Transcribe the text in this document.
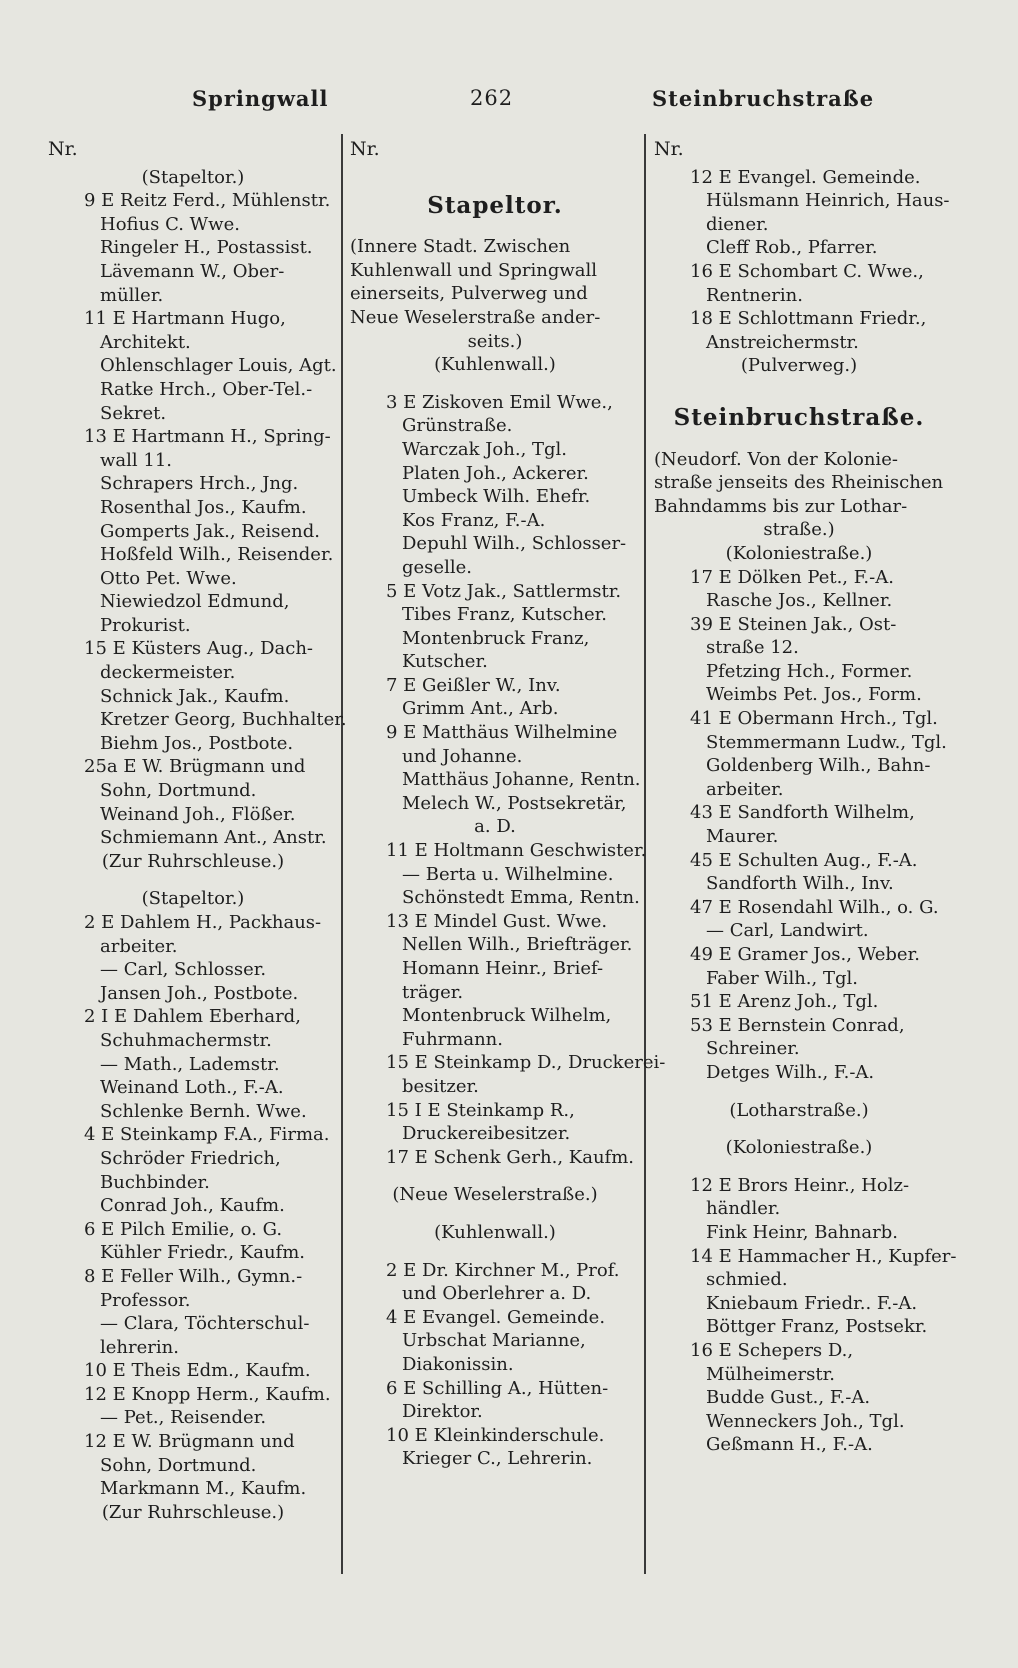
Springwall	262	Steinbruchstraße
Nr.
(Stapeltor.)
9 E Reitz Ferd., Mühlenstr.
Hofius C. Wwe.
Ringeler H., Postassist.
Lävemann W., Ober-
müller.
11 E Hartmann Hugo,
Architekt.
Ohlenschlager Louis, Agt.
Ratke Hrch., Ober-Tel.-
Sekret.
13 E Hartmann H., Spring-
wall 11.
Schrapers Hrch., Jng.
Rosenthal Jos., Kaufm.
Gomperts Jak., Reisend.
Hoßfeld Wilh., Reisender.
Otto Pet. Wwe.
Niewiedzol Edmund,
Prokurist.
15 E Küsters Aug., Dach-
deckermeister.
Schnick Jak., Kaufm.
Kretzer Georg, Buchhalter.
Biehm Jos., Postbote.
25a E W. Brügmann und
Sohn, Dortmund.
Weinand Joh., Flößer.
Schmiemann Ant., Anstr.
(Zur Ruhrschleuse.)
(Stapeltor.)
2 E Dahlem H., Packhaus-
arbeiter.
— Carl, Schlosser.
Jansen Joh., Postbote.
2 I E Dahlem Eberhard,
Schuhmachermstr.
— Math., Lademstr.
Weinand Loth., F.-A.
Schlenke Bernh. Wwe.
4 E Steinkamp F.A., Firma.
Schröder Friedrich,
Buchbinder.
Conrad Joh., Kaufm.
6 E Pilch Emilie, o. G.
Kühler Friedr., Kaufm.
8 E Feller Wilh., Gymn.-
Professor.
— Clara, Töchterschul-
lehrerin.
10 E Theis Edm., Kaufm.
12 E Knopp Herm., Kaufm.
— Pet., Reisender.
12 E W. Brügmann und
Sohn, Dortmund.
Markmann M., Kaufm.
(Zur Ruhrschleuse.)
Nr.
Stapeltor.
(Innere Stadt. Zwischen
Kuhlenwall und Springwall
einerseits, Pulverweg und
Neue Weselerstraße ander-
seits.)
(Kuhlenwall.)
3 E Ziskoven Emil Wwe.,
Grünstraße.
Warczak Joh., Tgl.
Platen Joh., Ackerer.
Umbeck Wilh. Ehefr.
Kos Franz, F.-A.
Depuhl Wilh., Schlosser-
geselle.
5 E Votz Jak., Sattlermstr.
Tibes Franz, Kutscher.
Montenbruck Franz,
Kutscher.
7 E Geißler W., Inv.
Grimm Ant., Arb.
9 E Matthäus Wilhelmine
und Johanne.
Matthäus Johanne, Rentn.
Melech W., Postsekretär,
a. D.
11 E Holtmann Geschwister.
— Berta u. Wilhelmine.
Schönstedt Emma, Rentn.
13 E Mindel Gust. Wwe.
Nellen Wilh., Briefträger.
Homann Heinr., Brief-
träger.
Montenbruck Wilhelm,
Fuhrmann.
15 E Steinkamp D., Druckerei-
besitzer.
15 I E Steinkamp R.,
Druckereibesitzer.
17 E Schenk Gerh., Kaufm.
(Neue Weselerstraße.)
(Kuhlenwall.)
2 E Dr. Kirchner M., Prof.
und Oberlehrer a. D.
4 E Evangel. Gemeinde.
Urbschat Marianne,
Diakonissin.
6 E Schilling A., Hütten-
Direktor.
10 E Kleinkinderschule.
Krieger C., Lehrerin.
Nr.
12 E Evangel. Gemeinde.
Hülsmann Heinrich, Haus-
diener.
Cleff Rob., Pfarrer.
16 E Schombart C. Wwe.,
Rentnerin.
18 E Schlottmann Friedr.,
Anstreichermstr.
(Pulverweg.)
Steinbruchstraße.
(Neudorf. Von der Kolonie-
straße jenseits des Rheinischen
Bahndamms bis zur Lothar-
straße.)
(Koloniestraße.)
17 E Dölken Pet., F.-A.
Rasche Jos., Kellner.
39 E Steinen Jak., Ost-
straße 12.
Pfetzing Hch., Former.
Weimbs Pet. Jos., Form.
41 E Obermann Hrch., Tgl.
Stemmermann Ludw., Tgl.
Goldenberg Wilh., Bahn-
arbeiter.
43 E Sandforth Wilhelm,
Maurer.
45 E Schulten Aug., F.-A.
Sandforth Wilh., Inv.
47 E Rosendahl Wilh., o. G.
— Carl, Landwirt.
49 E Gramer Jos., Weber.
Faber Wilh., Tgl.
51 E Arenz Joh., Tgl.
53 E Bernstein Conrad,
Schreiner.
Detges Wilh., F.-A.
(Lotharstraße.)
(Koloniestraße.)
12 E Brors Heinr., Holz-
händler.
Fink Heinr, Bahnarb.
14 E Hammacher H., Kupfer-
schmied.
Kniebaum Friedr.. F.-A.
Böttger Franz, Postsekr.
16 E Schepers D.,
Mülheimerstr.
Budde Gust., F.-A.
Wenneckers Joh., Tgl.
Geßmann H., F.-A.
